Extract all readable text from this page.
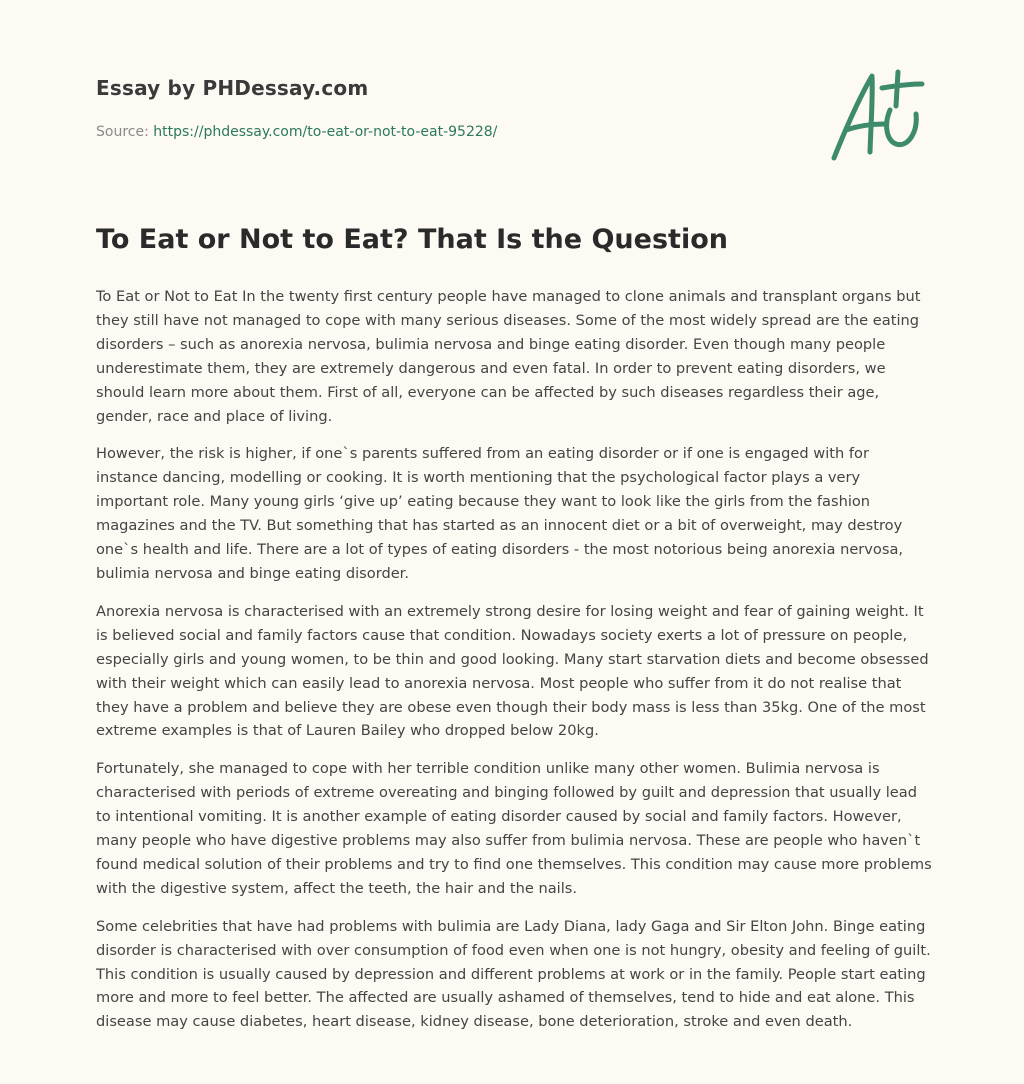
Essay by PHDessay.com
Source: https://phdessay.com/to-eat-or-not-to-eat-95228/
To Eat or Not to Eat? That Is the Question

To Eat or Not to Eat In the twenty first century people have managed to clone animals and transplant organs but they still have not managed to cope with many serious diseases. Some of the most widely spread are the eating disorders – such as anorexia nervosa, bulimia nervosa and binge eating disorder. Even though many people underestimate them, they are extremely dangerous and even fatal. In order to prevent eating disorders, we should learn more about them. First of all, everyone can be affected by such diseases regardless their age, gender, race and place of living.

However, the risk is higher, if one`s parents suffered from an eating disorder or if one is engaged with for instance dancing, modelling or cooking. It is worth mentioning that the psychological factor plays a very important role. Many young girls ‘give up’ eating because they want to look like the girls from the fashion magazines and the TV. But something that has started as an innocent diet or a bit of overweight, may destroy one`s health and life. There are a lot of types of eating disorders - the most notorious being anorexia nervosa, bulimia nervosa and binge eating disorder.

Anorexia nervosa is characterised with an extremely strong desire for losing weight and fear of gaining weight. It is believed social and family factors cause that condition. Nowadays society exerts a lot of pressure on people, especially girls and young women, to be thin and good looking. Many start starvation diets and become obsessed with their weight which can easily lead to anorexia nervosa. Most people who suffer from it do not realise that they have a problem and believe they are obese even though their body mass is less than 35kg. One of the most extreme examples is that of Lauren Bailey who dropped below 20kg.

Fortunately, she managed to cope with her terrible condition unlike many other women. Bulimia nervosa is characterised with periods of extreme overeating and binging followed by guilt and depression that usually lead to intentional vomiting. It is another example of eating disorder caused by social and family factors. However, many people who have digestive problems may also suffer from bulimia nervosa. These are people who haven`t found medical solution of their problems and try to find one themselves. This condition may cause more problems with the digestive system, affect the teeth, the hair and the nails.

Some celebrities that have had problems with bulimia are Lady Diana, lady Gaga and Sir Elton John. Binge eating disorder is characterised with over consumption of food even when one is not hungry, obesity and feeling of guilt. This condition is usually caused by depression and different problems at work or in the family. People start eating more and more to feel better. The affected are usually ashamed of themselves, tend to hide and eat alone. This disease may cause diabetes, heart disease, kidney disease, bone deterioration, stroke and even death.
